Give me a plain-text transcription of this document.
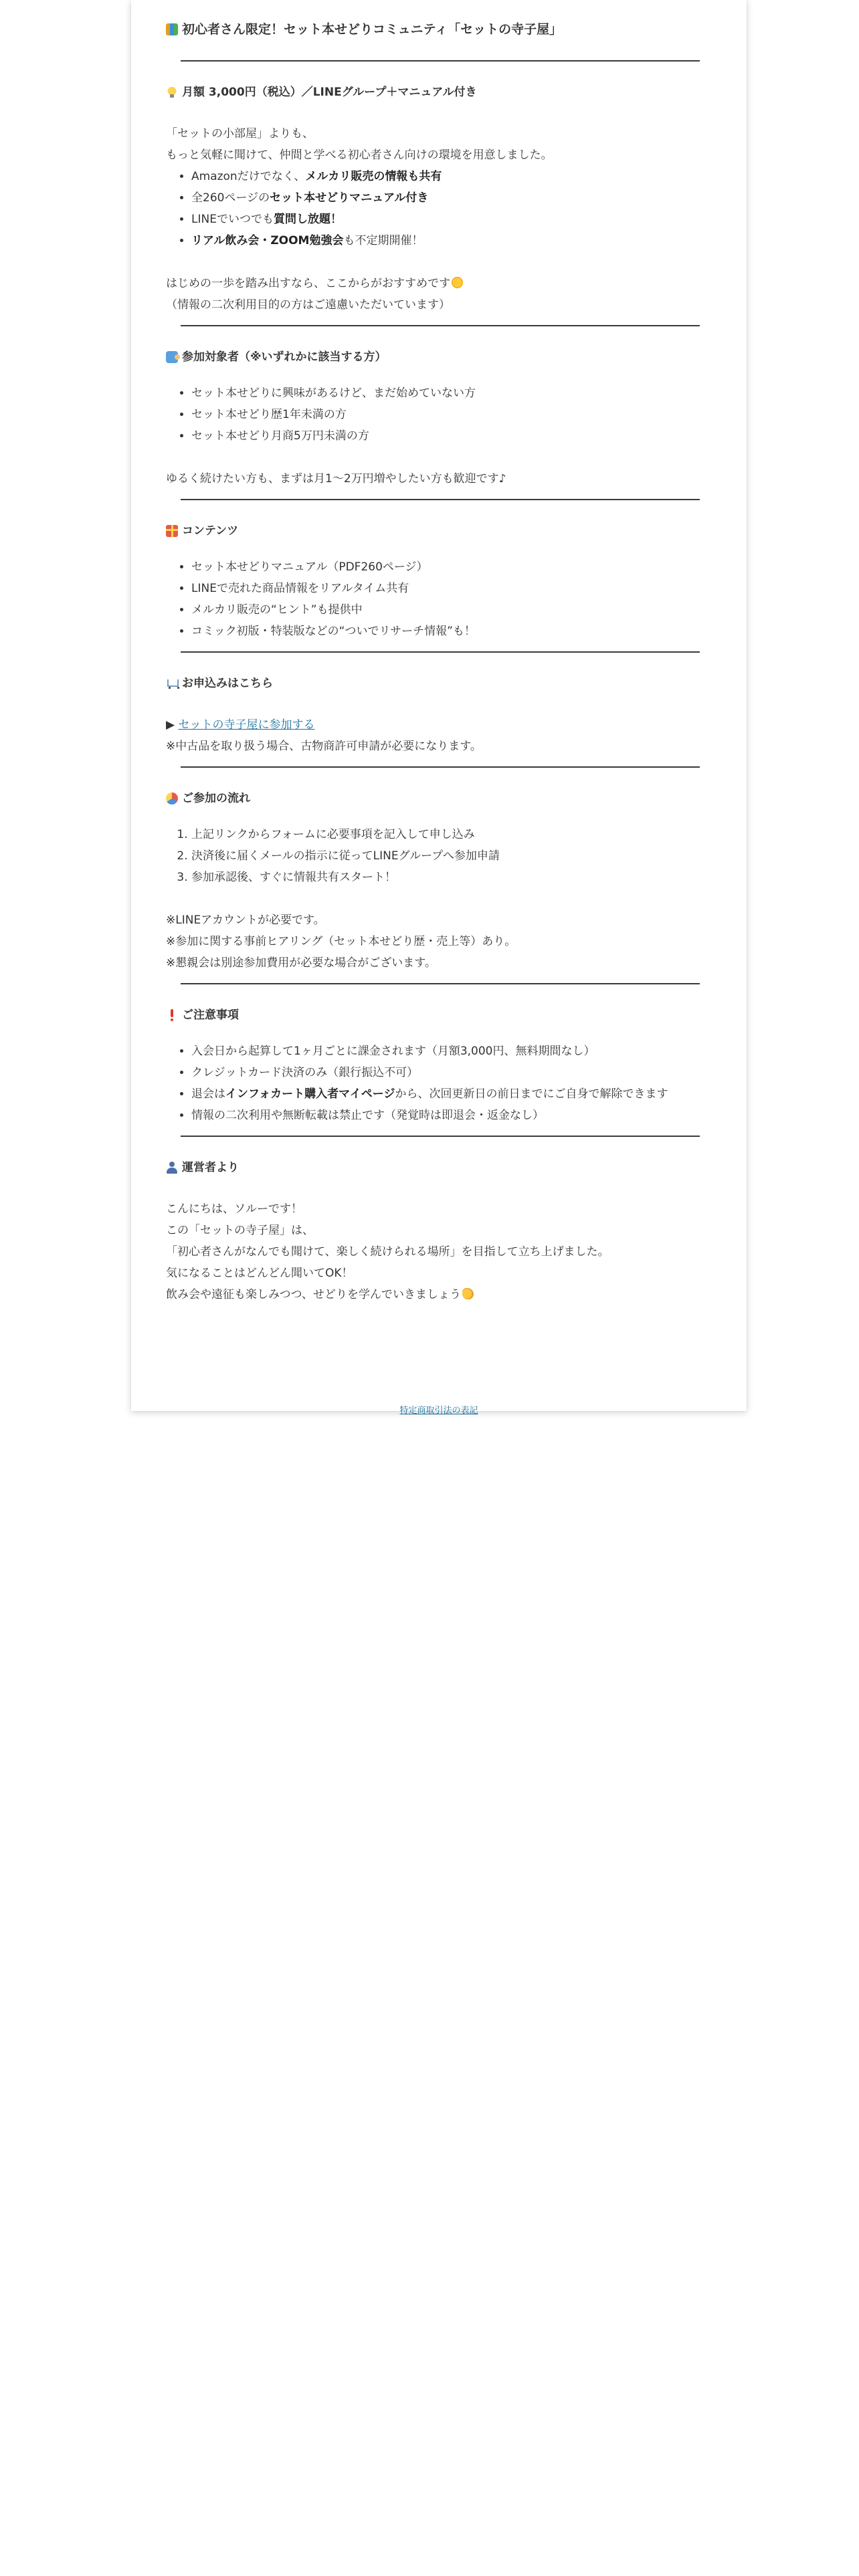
初心者さん限定！セット本せどりコミュニティ「セットの寺子屋」
月額 3,000円（税込）／LINEグループ＋マニュアル付き

「セットの小部屋」よりも、

もっと気軽に聞けて、仲間と学べる初心者さん向けの環境を用意しました。

• Amazonだけでなく、メルカリ販売の情報も共有
• 全260ページのセット本せどりマニュアル付き
• LINEでいつでも質問し放題！
• リアル飲み会・ZOOM勉強会も不定期開催！

はじめの一歩を踏み出すなら、ここからがおすすめです

（情報の二次利用目的の方はご遠慮いただいています）

参加対象者（※いずれかに該当する方）
• セット本せどりに興味があるけど、まだ始めていない方
• セット本せどり歴1年未満の方
• セット本せどり月商5万円未満の方

ゆるく続けたい方も、まずは月1〜2万円増やしたい方も歓迎です♪

コンテンツ
• セット本せどりマニュアル（PDF260ページ）
• LINEで売れた商品情報をリアルタイム共有
• メルカリ販売の“ヒント”も提供中
• コミック初版・特装版などの“ついでリサーチ情報”も！
お申込みはこちら

▶ セットの寺子屋に参加する

※中古品を取り扱う場合、古物商許可申請が必要になります。

ご参加の流れ
1. 上記リンクからフォームに必要事項を記入して申し込み
2. 決済後に届くメールの指示に従ってLINEグループへ参加申請
3. 参加承認後、すぐに情報共有スタート！

※LINEアカウントが必要です。

※参加に関する事前ヒアリング（セット本せどり歴・売上等）あり。

※懇親会は別途参加費用が必要な場合がございます。

ご注意事項
• 入会日から起算して1ヶ月ごとに課金されます（月額3,000円、無料期間なし）
• クレジットカード決済のみ（銀行振込不可）
• 退会はインフォカート購入者マイページから、次回更新日の前日までにご自身で解除できます
• 情報の二次利用や無断転載は禁止です（発覚時は即退会・返金なし）
運営者より

こんにちは、ソルーです！

この「セットの寺子屋」は、

「初心者さんがなんでも聞けて、楽しく続けられる場所」を目指して立ち上げました。

気になることはどんどん聞いてOK！

飲み会や遠征も楽しみつつ、せどりを学んでいきましょう

特定商取引法の表記
